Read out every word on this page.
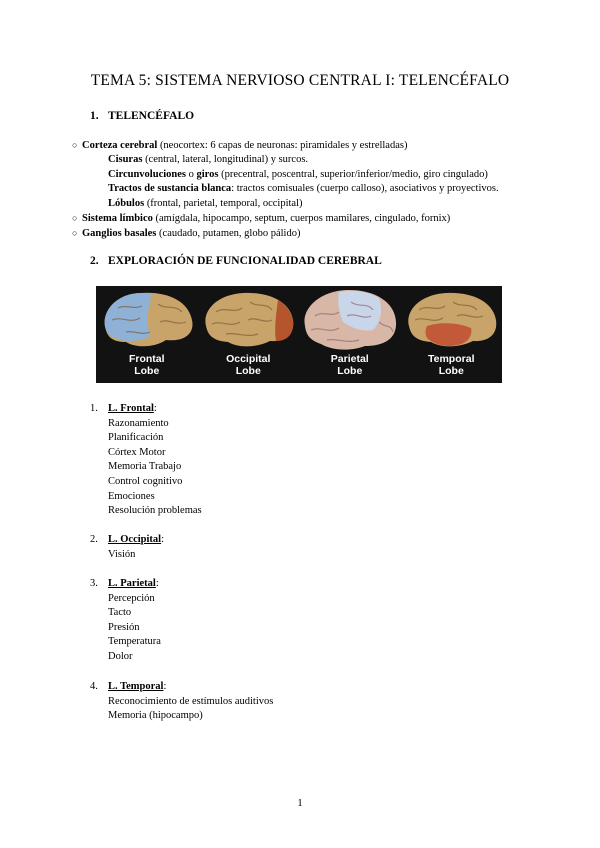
TEMA 5: SISTEMA NERVIOSO CENTRAL I: TELENCÉFALO
1. TELENCÉFALO
○ Corteza cerebral (neocortex: 6 capas de neuronas: piramidales y estrelladas)
Cisuras (central, lateral, longitudinal) y surcos.
Circunvoluciones o giros (precentral, poscentral, superior/inferior/medio, giro cingulado)
Tractos de sustancia blanca: tractos comisuales (cuerpo calloso), asociativos y proyectivos.
Lóbulos (frontal, parietal, temporal, occipital)
○ Sistema límbico (amígdala, hipocampo, septum, cuerpos mamilares, cingulado, fornix)
○ Ganglios basales (caudado, putamen, globo pálido)
2. EXPLORACIÓN DE FUNCIONALIDAD CEREBRAL
Frontal
Lobe
Occipital
Lobe
Parietal
Lobe
Temporal
Lobe
1. L. Frontal:
Razonamiento
Planificación
Córtex Motor
Memoria Trabajo
Control cognitivo
Emociones
Resolución problemas
2. L. Occipital:
Visión
3. L. Parietal:
Percepción
Tacto
Presión
Temperatura
Dolor
4. L. Temporal:
Reconocimiento de estímulos auditivos
Memoria (hipocampo)
1
